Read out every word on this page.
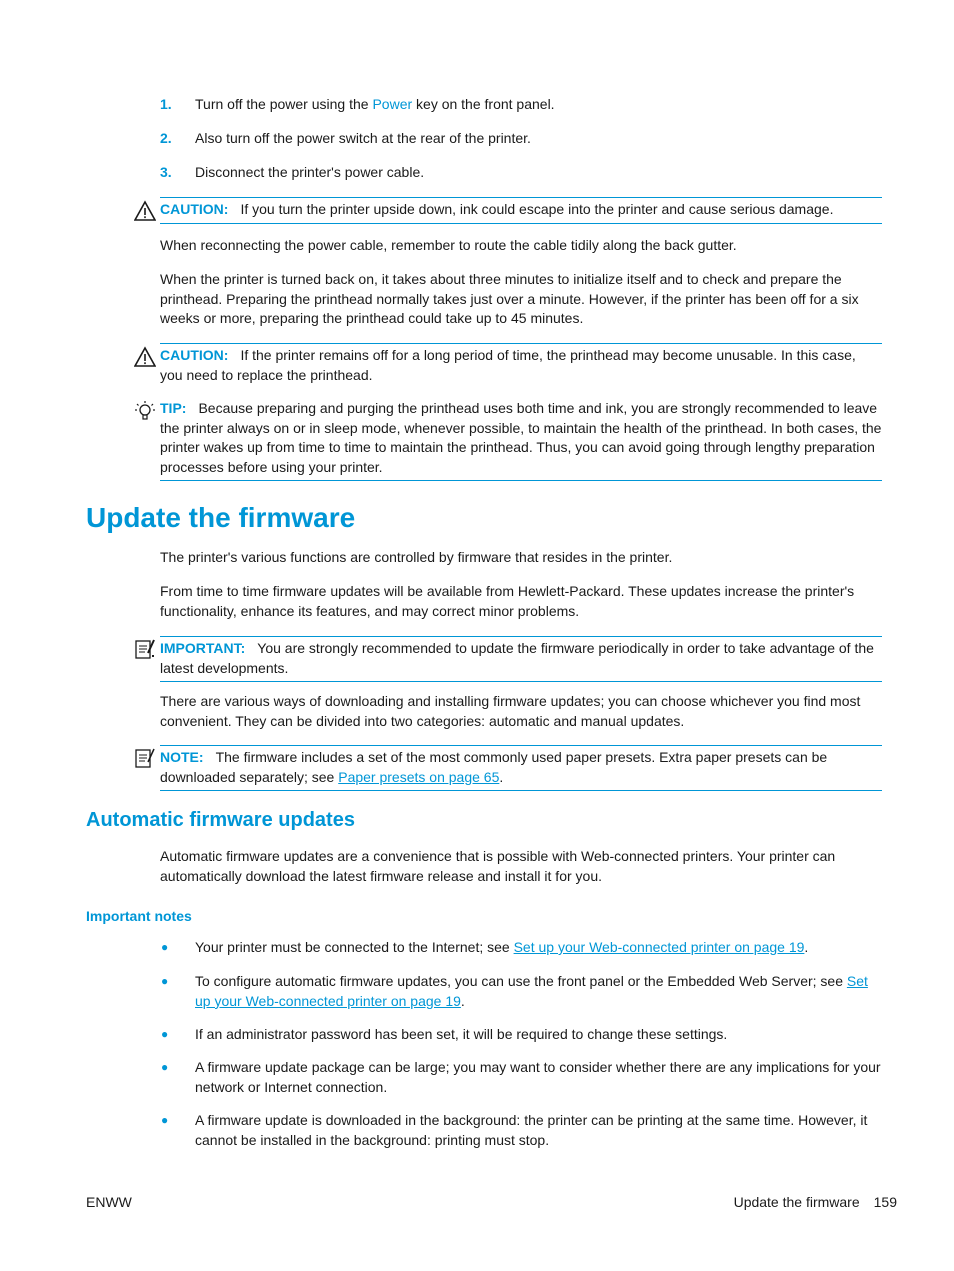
1. Turn off the power using the Power key on the front panel.
2. Also turn off the power switch at the rear of the printer.
3. Disconnect the printer's power cable.
CAUTION: If you turn the printer upside down, ink could escape into the printer and cause serious damage.
When reconnecting the power cable, remember to route the cable tidily along the back gutter.
When the printer is turned back on, it takes about three minutes to initialize itself and to check and prepare the printhead. Preparing the printhead normally takes just over a minute. However, if the printer has been off for a six weeks or more, preparing the printhead could take up to 45 minutes.
CAUTION: If the printer remains off for a long period of time, the printhead may become unusable. In this case, you need to replace the printhead.
TIP: Because preparing and purging the printhead uses both time and ink, you are strongly recommended to leave the printer always on or in sleep mode, whenever possible, to maintain the health of the printhead. In both cases, the printer wakes up from time to time to maintain the printhead. Thus, you can avoid going through lengthy preparation processes before using your printer.
Update the firmware
The printer's various functions are controlled by firmware that resides in the printer.
From time to time firmware updates will be available from Hewlett-Packard. These updates increase the printer's functionality, enhance its features, and may correct minor problems.
IMPORTANT: You are strongly recommended to update the firmware periodically in order to take advantage of the latest developments.
There are various ways of downloading and installing firmware updates; you can choose whichever you find most convenient. They can be divided into two categories: automatic and manual updates.
NOTE: The firmware includes a set of the most commonly used paper presets. Extra paper presets can be downloaded separately; see Paper presets on page 65.
Automatic firmware updates
Automatic firmware updates are a convenience that is possible with Web-connected printers. Your printer can automatically download the latest firmware release and install it for you.
Important notes
● Your printer must be connected to the Internet; see Set up your Web-connected printer on page 19.
● To configure automatic firmware updates, you can use the front panel or the Embedded Web Server; see Set up your Web-connected printer on page 19.
● If an administrator password has been set, it will be required to change these settings.
● A firmware update package can be large; you may want to consider whether there are any implications for your network or Internet connection.
● A firmware update is downloaded in the background: the printer can be printing at the same time. However, it cannot be installed in the background: printing must stop.
ENWW	Update the firmware 159
